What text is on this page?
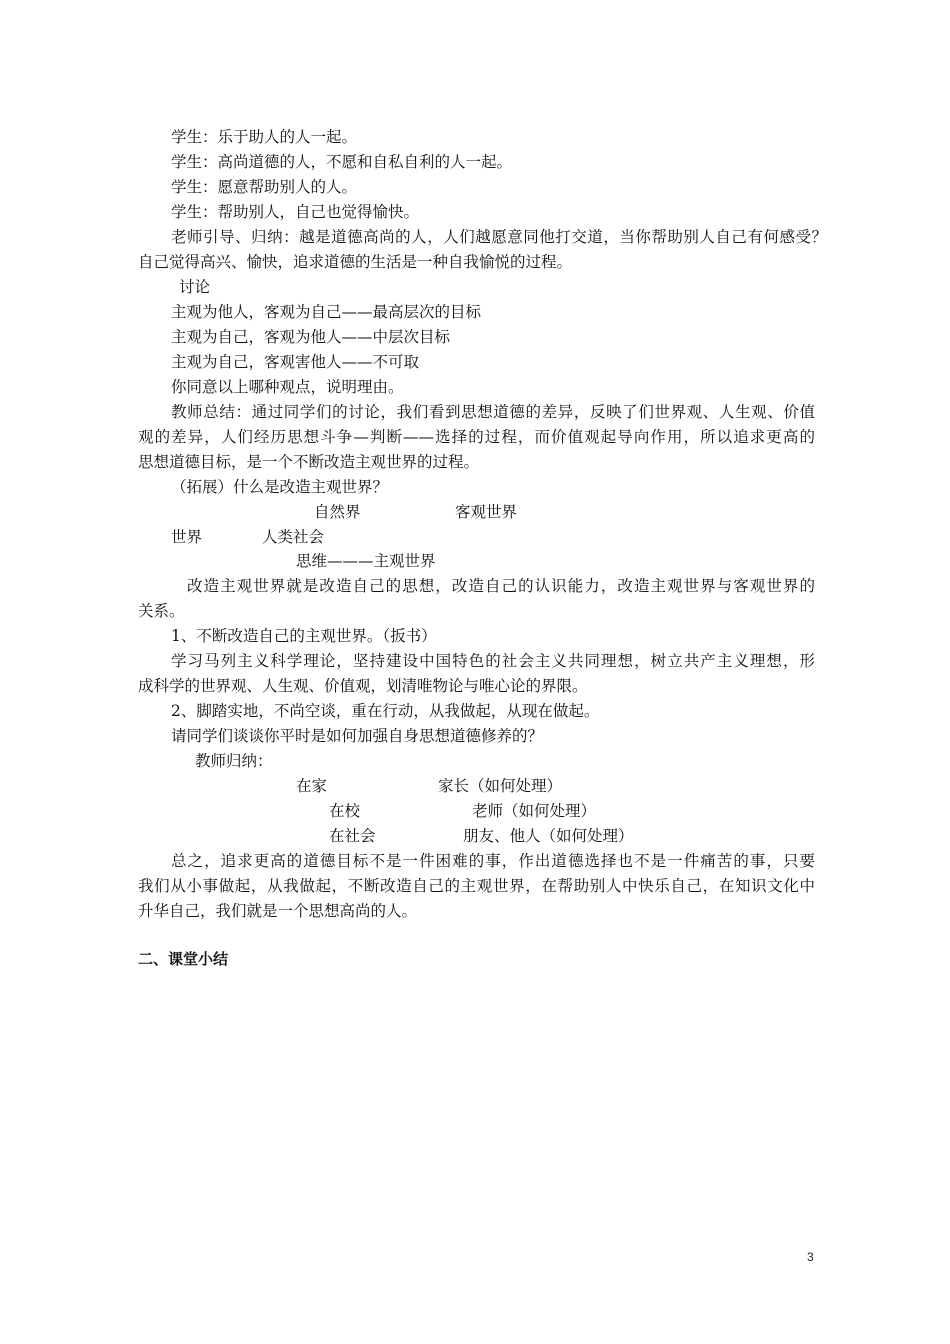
学生：乐于助人的人一起。
学生：高尚道德的人，不愿和自私自利的人一起。
学生：愿意帮助别人的人。
学生：帮助别人，自己也觉得愉快。
老师引导、归纳：越是道德高尚的人，人们越愿意同他打交道，当你帮助别人自己有何感受？
自己觉得高兴、愉快，追求道德的生活是一种自我愉悦的过程。
讨论
主观为他人，客观为自己——最高层次的目标
主观为自己，客观为他人——中层次目标
主观为自己，客观害他人——不可取
你同意以上哪种观点，说明理由。
教师总结：通过同学们的讨论，我们看到思想道德的差异，反映了们世界观、人生观、价值
观的差异，人们经历思想斗争—判断——选择的过程，而价值观起导向作用，所以追求更高的
思想道德目标，是一个不断改造主观世界的过程。
（拓展）什么是改造主观世界？
自然界	客观世界
世界	人类社会
思维———主观世界
改造主观世界就是改造自己的思想，改造自己的认识能力，改造主观世界与客观世界的
关系。
1、不断改造自己的主观世界。（扳书）
学习马列主义科学理论，坚持建设中国特色的社会主义共同理想，树立共产主义理想，形
成科学的世界观、人生观、价值观，划清唯物论与唯心论的界限。
2、脚踏实地，不尚空谈，重在行动，从我做起，从现在做起。
请同学们谈谈你平时是如何加强自身思想道德修养的？
教师归纳：
在家	家长（如何处理）
在校	老师（如何处理）
在社会	朋友、他人（如何处理）
总之，追求更高的道德目标不是一件困难的事，作出道德选择也不是一件痛苦的事，只要
我们从小事做起，从我做起，不断改造自己的主观世界，在帮助别人中快乐自己，在知识文化中
升华自己，我们就是一个思想高尚的人。
二、课堂小结
3
